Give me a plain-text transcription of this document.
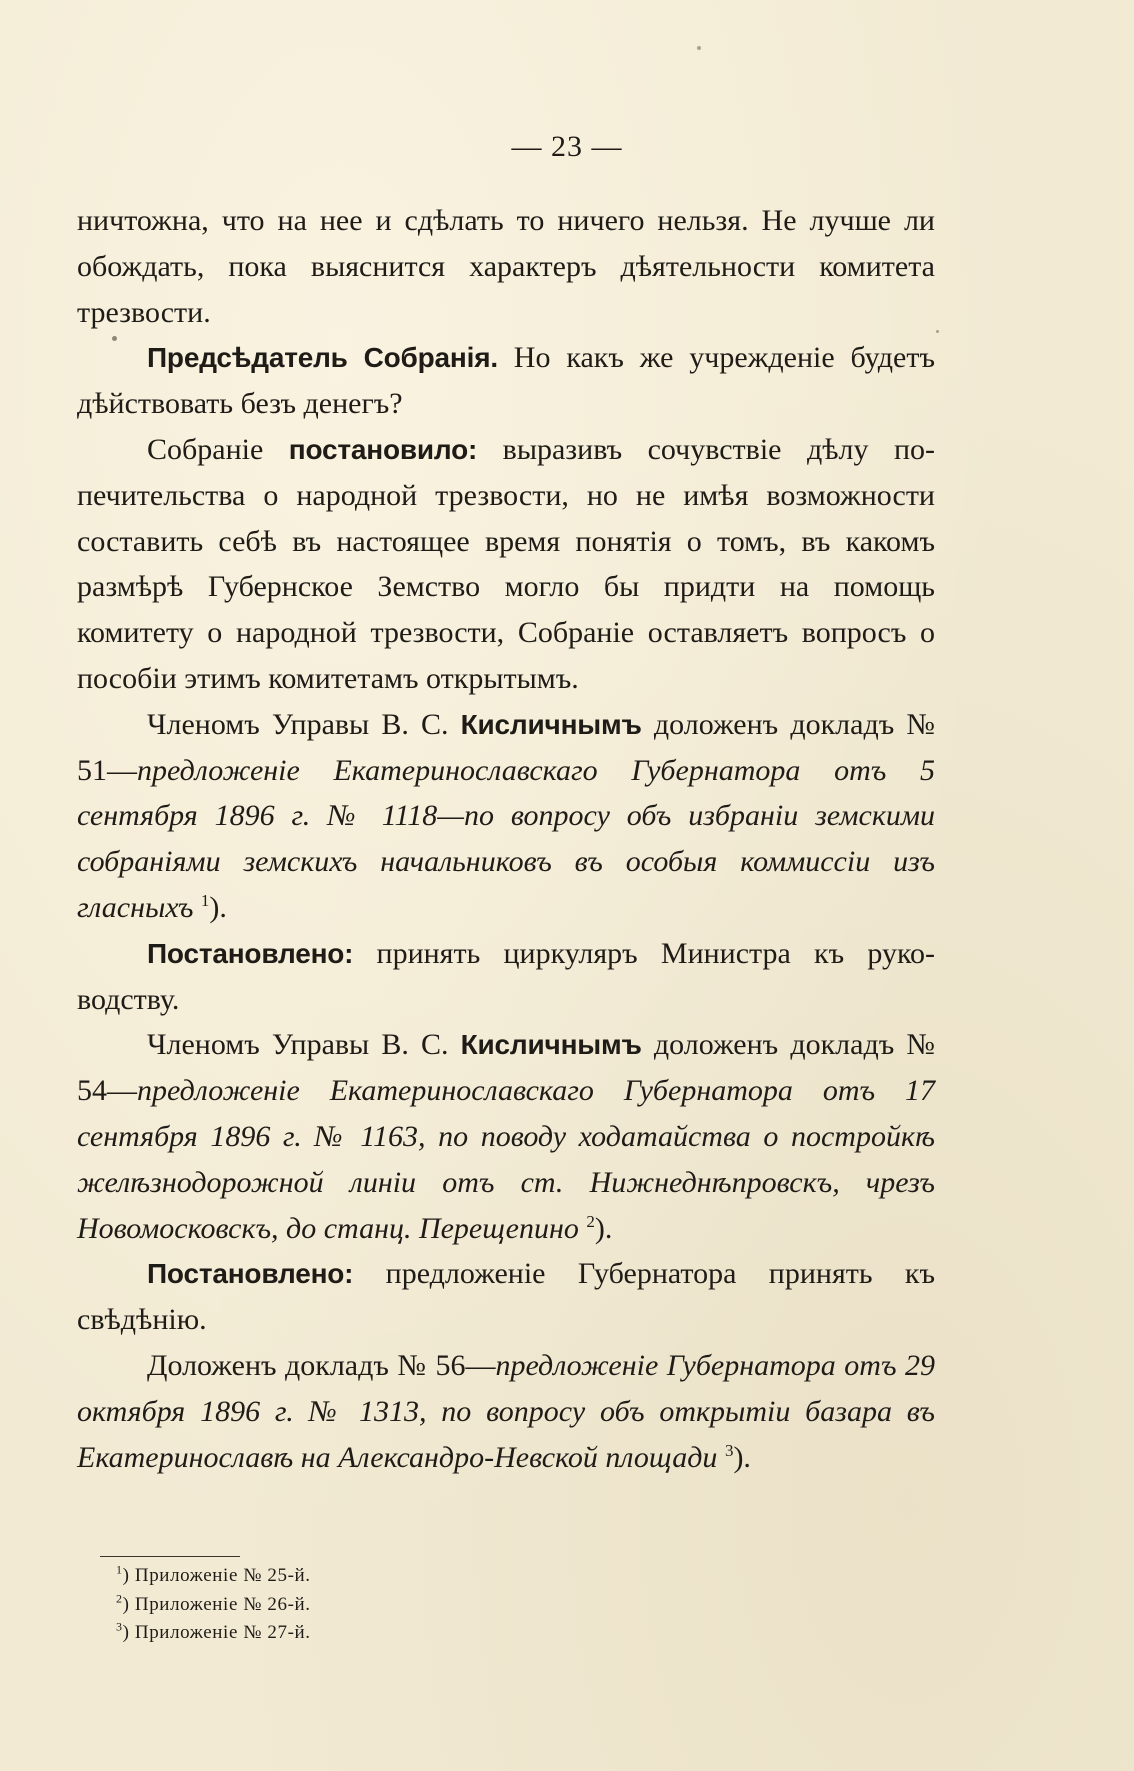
— 23 —

ничтожна, что на нее и сдѣлать то ничего нельзя. Не лучше ли обождать, пока выяснится характеръ дѣятельности комитета трезвости.

Предсѣдатель Собранія. Но какъ же учрежденіе будетъ дѣйствовать безъ денегъ?

Собраніе постановило: выразивъ сочувствіе дѣлу попечительства о народной трезвости, но не имѣя возможности составить себѣ въ настоящее время понятія о томъ, въ какомъ размѣрѣ Губернское Земство могло бы придти на помощь комитету о народной трезвости, Собраніе оставляетъ вопросъ о пособіи этимъ комитетамъ открытымъ.

Членомъ Управы В. С. Кисличнымъ доложенъ докладъ № 51—предложеніе Екатеринославскаго Губернатора отъ 5 сентября 1896 г. № 1118—по вопросу объ избраніи земскими собраніями земскихъ начальниковъ въ особыя коммиссіи изъ гласныхъ $^1$).

Постановлено: принять циркуляръ Министра къ руководству.

Членомъ Управы В. С. Кисличнымъ доложенъ докладъ № 54—предложеніе Екатеринославскаго Губернатора отъ 17 сентября 1896 г. № 1163, по поводу ходатайства о постройкѣ желѣзнодорожной линіи отъ ст. Нижнеднѣпровскъ, чрезъ Новомосковскъ, до станц. Перещепино $^2$).

Постановлено: предложеніе Губернатора принять къ свѣдѣнію.

Доложенъ докладъ № 56—предложеніе Губернатора отъ 29 октября 1896 г. № 1313, по вопросу объ открытіи базара въ Екатеринославѣ на Александро-Невской площади $^3$).

$^1$) Приложеніе № 25-й.

$^2$) Приложеніе № 26-й.

$^3$) Приложеніе № 27-й.
